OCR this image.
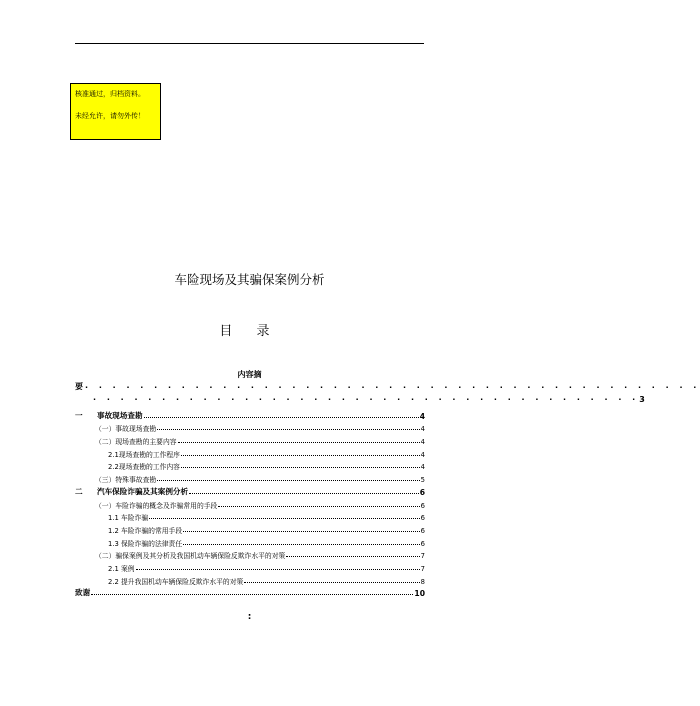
核准通过，归档资料。
未经允许，请勿外传！
车险现场及其骗保案例分析
目 录
内容摘
要 · · · · · · · · · · · · · · · · · · · · · · · · · · · · · · · · · · · · · · · · · · · · ·
· · · · · · · · · · · · · · · · · · · · · · · · · · · · · · · · · · · · · · · · 3
一	事故现场查勘	4
（一）事故现场查勘	4
（二）现场查勘的主要内容	4
2.1现场查勘的工作程序	4
2.2现场查勘的工作内容	4
（三）特殊事故查勘	5
二	汽车保险诈骗及其案例分析	6
（一）车险诈骗的概念及诈骗常用的手段	6
1.1 车险诈骗	6
1.2 车险诈骗的常用手段	6
1.3 保险诈骗的法律责任	6
（二）骗保案例及其分析及我国机动车辆保险反欺诈水平的对策	7
2.1 案例	7
2.2 提升我国机动车辆保险反欺诈水平的对策	8
致谢	10
:
